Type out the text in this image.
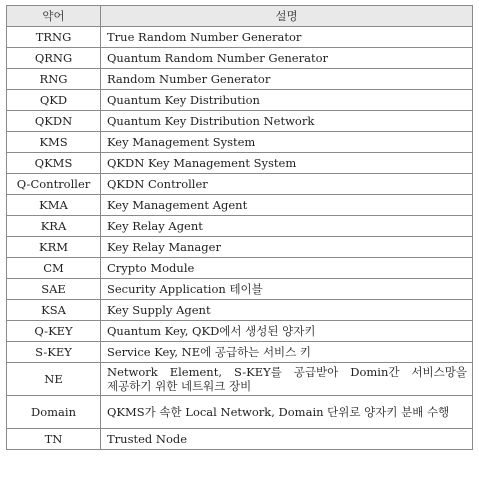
약어	설명
TRNG	True Random Number Generator
QRNG	Quantum Random Number Generator
RNG	Random Number Generator
QKD	Quantum Key Distribution
QKDN	Quantum Key Distribution Network
KMS	Key Management System
QKMS	QKDN Key Management System
Q-Controller	QKDN Controller
KMA	Key Management Agent
KRA	Key Relay Agent
KRM	Key Relay Manager
CM	Crypto Module
SAE	Security Application 테이블
KSA	Key Supply Agent
Q-KEY	Quantum Key, QKD에서 생성된 양자키
S-KEY	Service Key, NE에 공급하는 서비스 키
NE	Network Element, S-KEY를 공급받아 Domin간 서비스망을 제공하기 위한 네트워크 장비
Domain	QKMS가 속한 Local Network, Domain 단위로 양자키 분배 수행
TN	Trusted Node
